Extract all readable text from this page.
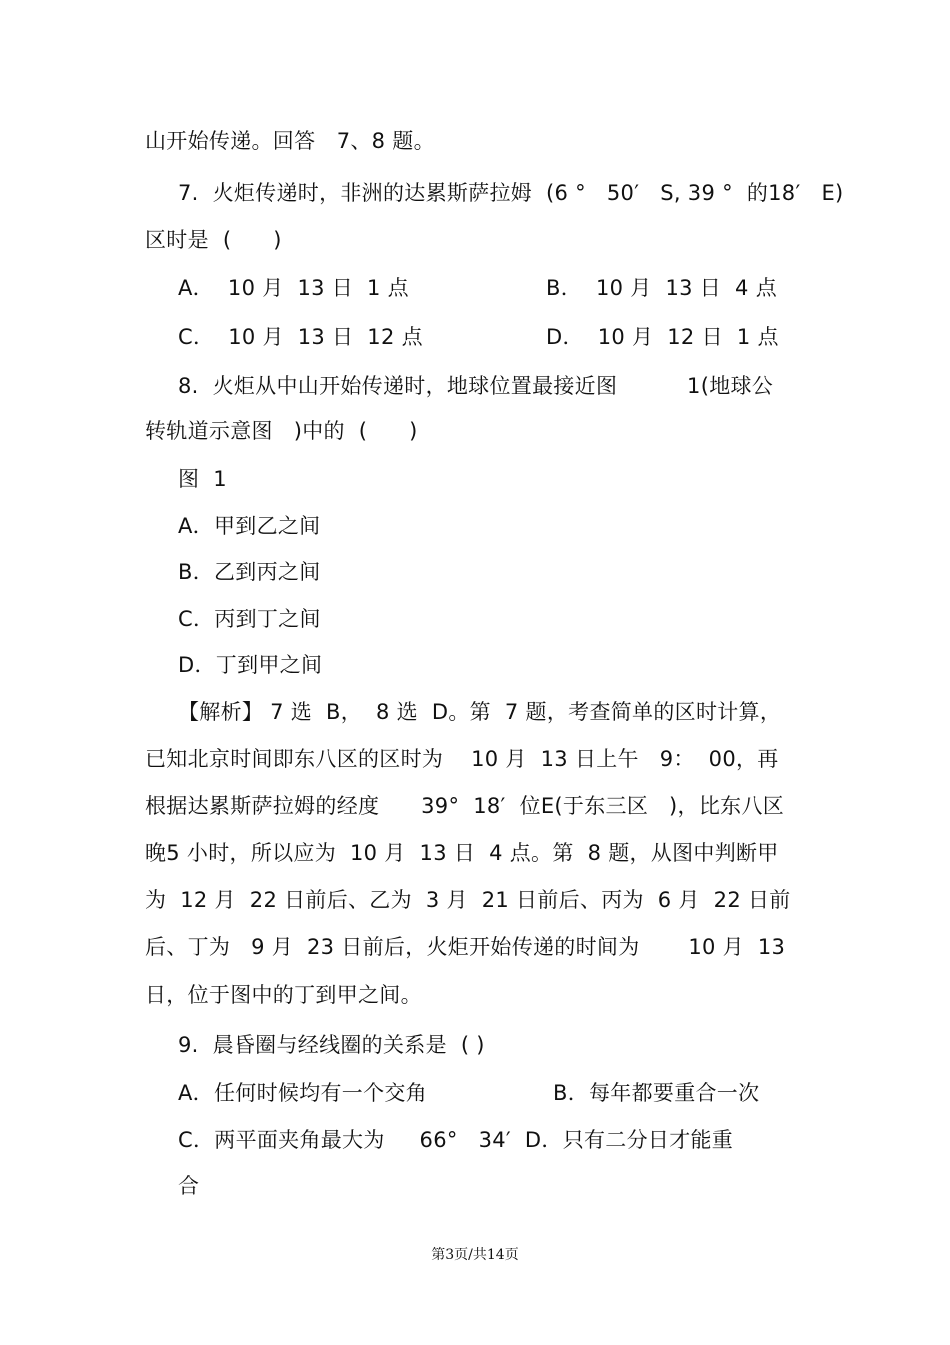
山开始传递。回答　7、8 题。
7.  火炬传递时，非洲的达累斯萨拉姆  (6 °   50′   S, 39 °  的18′   E)
区时是  (      )
A．  10 月  13 日  1 点	B．  10 月  13 日  4 点
C．  10 月  13 日  12 点	D．  10 月  12 日  1 点
8.  火炬从中山开始传递时，地球位置最接近图          1(地球公
转轨道示意图   )中的  (      )
图  1
A．甲到乙之间
B．乙到丙之间
C．丙到丁之间
D．丁到甲之间
【解析】 7 选  B，  8 选  D。第  7 题，考查简单的区时计算，
已知北京时间即东八区的区时为    10 月  13 日上午   9：  00，再
根据达累斯萨拉姆的经度      39°  18′  位E(于东三区   )，比东八区
晚5 小时，所以应为  10 月  13 日  4 点。第  8 题，从图中判断甲
为  12 月  22 日前后、乙为  3 月  21 日前后、丙为  6 月  22 日前
后、丁为   9 月  23 日前后，火炬开始传递的时间为       10 月  13
日，位于图中的丁到甲之间。
9.  晨昏圈与经线圈的关系是  ( )
A．任何时候均有一个交角	B．每年都要重合一次
C．两平面夹角最大为     66°   34′  D．只有二分日才能重
合
第3页/共14页
